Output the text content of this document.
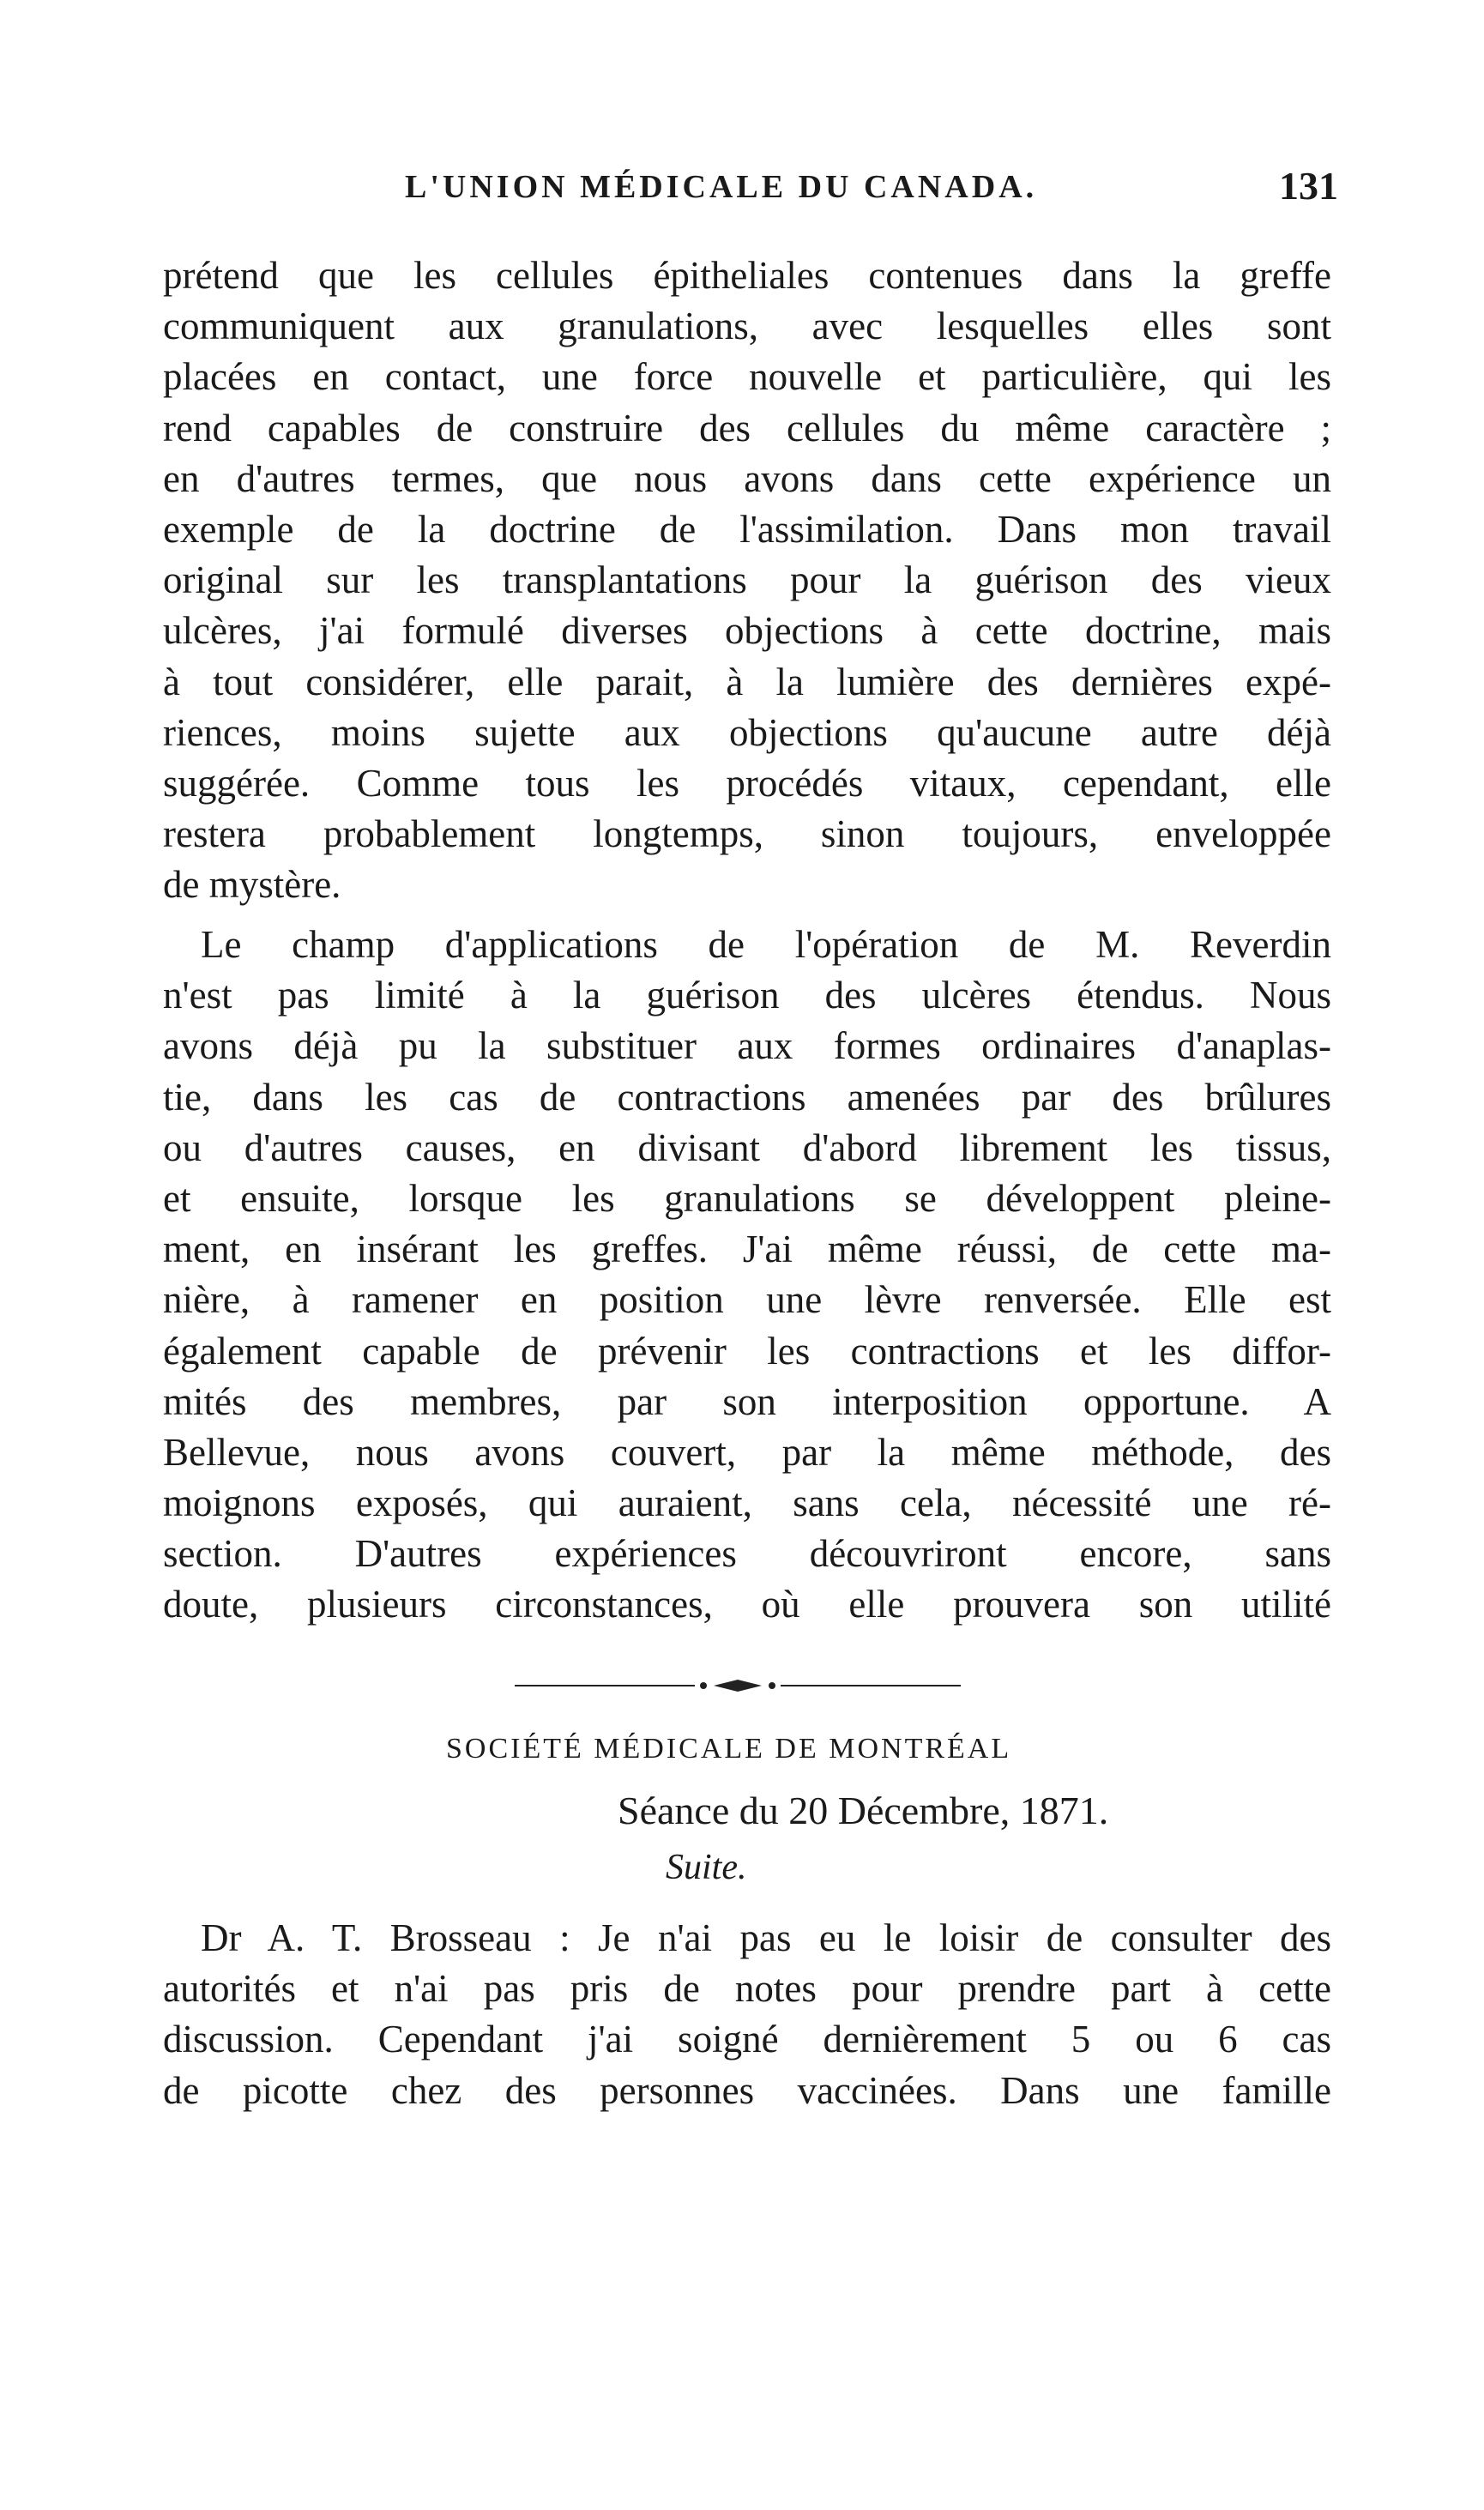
L'UNION MÉDICALE DU CANADA.	131
prétend que les cellules épitheliales contenues dans la greffe
communiquent aux granulations, avec lesquelles elles sont
placées en contact, une force nouvelle et particulière, qui les
rend capables de construire des cellules du même caractère ;
en d'autres termes, que nous avons dans cette expérience un
exemple de la doctrine de l'assimilation. Dans mon travail
original sur les transplantations pour la guérison des vieux
ulcères, j'ai formulé diverses objections à cette doctrine, mais
à tout considérer, elle parait, à la lumière des dernières expé-
riences, moins sujette aux objections qu'aucune autre déjà
suggérée. Comme tous les procédés vitaux, cependant, elle
restera probablement longtemps, sinon toujours, enveloppée
de mystère.
Le champ d'applications de l'opération de M. Reverdin
n'est pas limité à la guérison des ulcères étendus. Nous
avons déjà pu la substituer aux formes ordinaires d'anaplas-
tie, dans les cas de contractions amenées par des brûlures
ou d'autres causes, en divisant d'abord librement les tissus,
et ensuite, lorsque les granulations se développent pleine-
ment, en insérant les greffes. J'ai même réussi, de cette ma-
nière, à ramener en position une lèvre renversée. Elle est
également capable de prévenir les contractions et les diffor-
mités des membres, par son interposition opportune. A
Bellevue, nous avons couvert, par la même méthode, des
moignons exposés, qui auraient, sans cela, nécessité une ré-
section. D'autres expériences découvriront encore, sans
doute, plusieurs circonstances, où elle prouvera son utilité
SOCIÉTÉ MÉDICALE DE MONTRÉAL
Séance du 20 Décembre, 1871.
Suite.
Dr A. T. Brosseau : Je n'ai pas eu le loisir de consulter des
autorités et n'ai pas pris de notes pour prendre part à cette
discussion. Cependant j'ai soigné dernièrement 5 ou 6 cas
de picotte chez des personnes vaccinées. Dans une famille
